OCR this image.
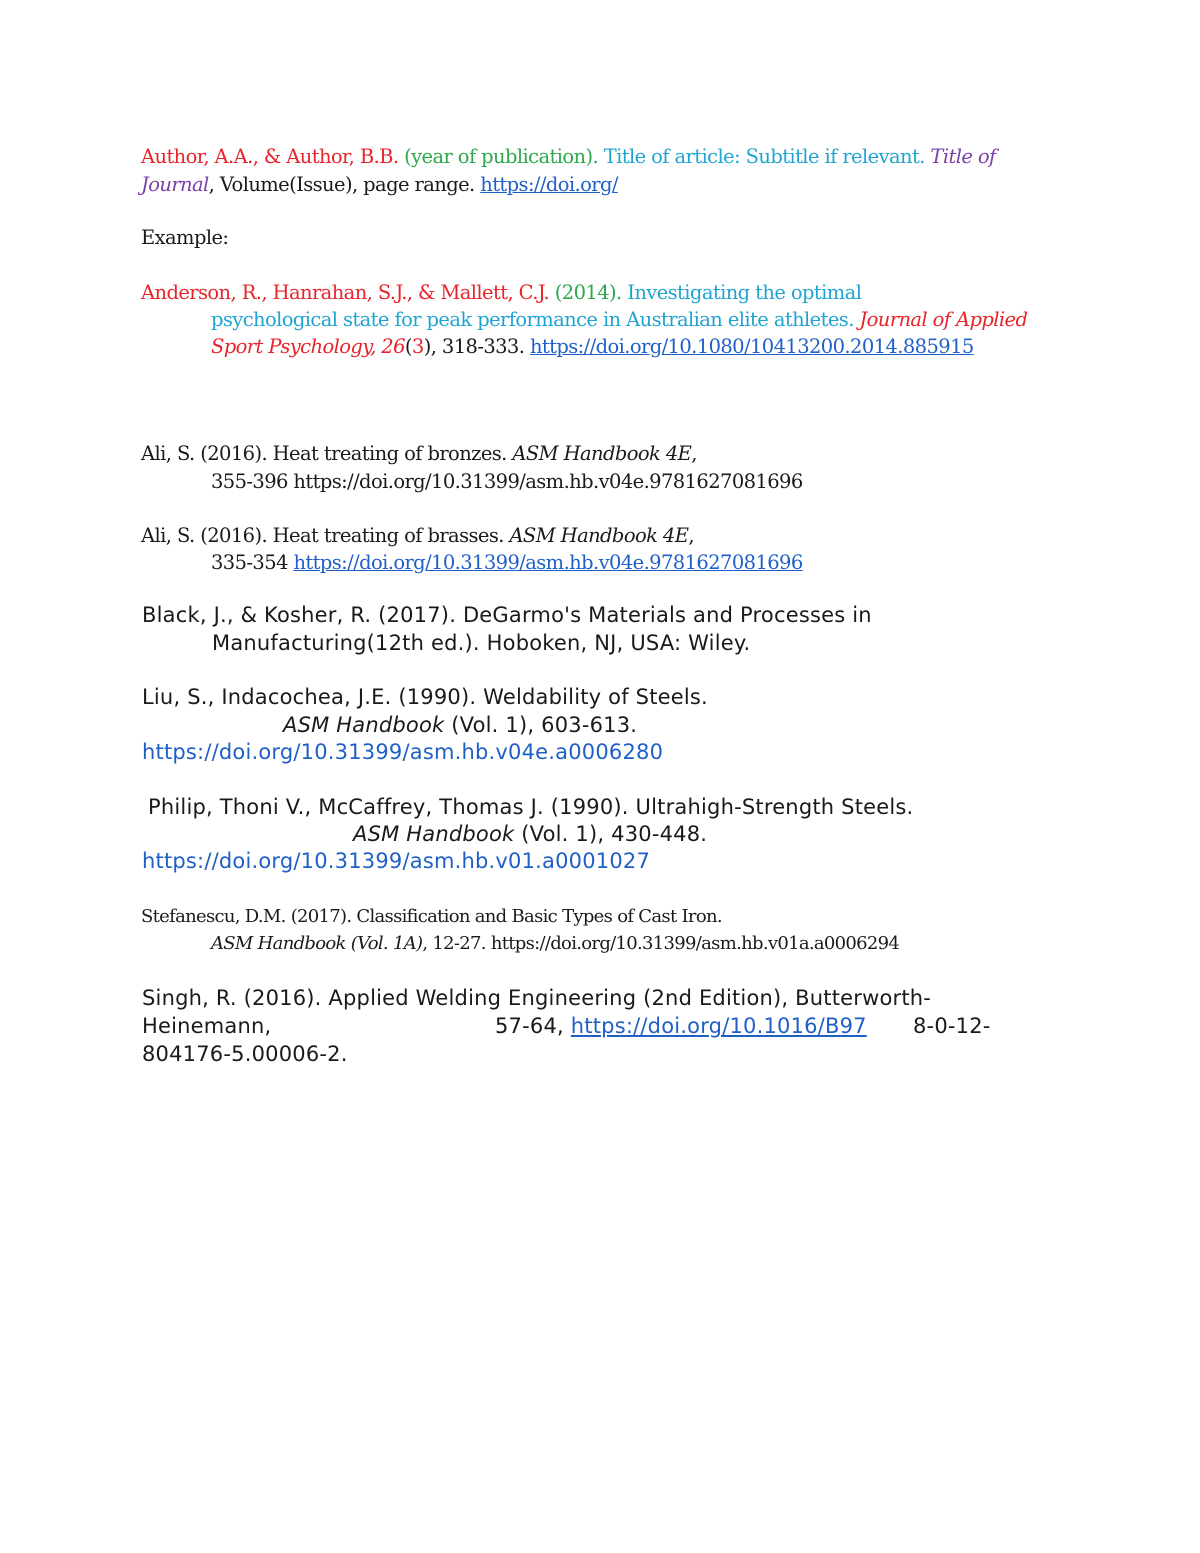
Author, A.A., & Author, B.B. (year of publication). Title of article: Subtitle if relevant. Title of
Journal, Volume(Issue), page range. https://doi.org/
Example:
Anderson, R., Hanrahan, S.J., & Mallett, C.J. (2014). Investigating the optimal
psychological state for peak performance in Australian elite athletes. Journal of Applied
Sport Psychology, 26(3), 318-333. https://doi.org/10.1080/10413200.2014.885915
Ali, S. (2016). Heat treating of bronzes. ASM Handbook 4E,
355-396 https://doi.org/10.31399/asm.hb.v04e.9781627081696
Ali, S. (2016). Heat treating of brasses. ASM Handbook 4E,
335-354 https://doi.org/10.31399/asm.hb.v04e.9781627081696
Black, J., & Kosher, R. (2017). DeGarmo's Materials and Processes in
Manufacturing(12th ed.). Hoboken, NJ, USA: Wiley.
Liu, S., Indacochea, J.E. (1990). Weldability of Steels.
ASM Handbook (Vol. 1), 603-613.
https://doi.org/10.31399/asm.hb.v04e.a0006280
Philip, Thoni V., McCaffrey, Thomas J. (1990). Ultrahigh-Strength Steels.
ASM Handbook (Vol. 1), 430-448.
https://doi.org/10.31399/asm.hb.v01.a0001027
Stefanescu, D.M. (2017). Classification and Basic Types of Cast Iron.
ASM Handbook (Vol. 1A), 12-27. https://doi.org/10.31399/asm.hb.v01a.a0006294
Singh, R. (2016). Applied Welding Engineering (2nd Edition), Butterworth-
Heinemann,	57-64, https://doi.org/10.1016/B97 8-0-12-
804176-5.00006-2.
